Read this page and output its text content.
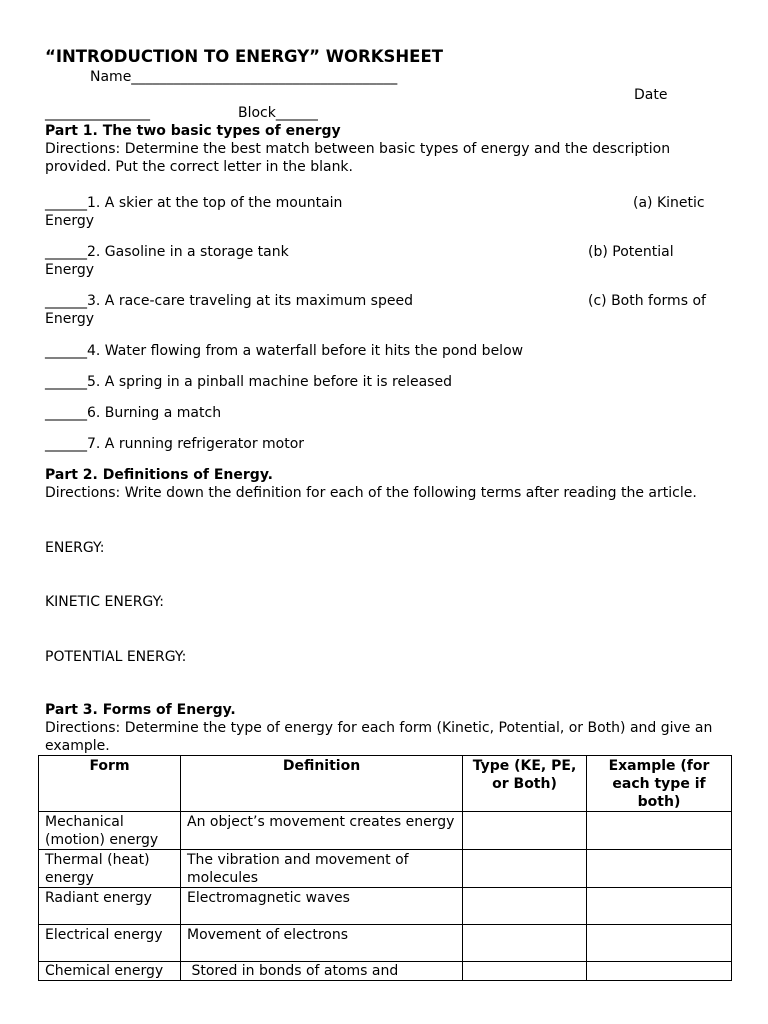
“INTRODUCTION TO ENERGY” WORKSHEET
Name______________________________________
Date
_______________	Block______
Part 1. The two basic types of energy
Directions: Determine the best match between basic types of energy and the description provided. Put the correct letter in the blank.
______1. A skier at the top of the mountain	(a) Kinetic
Energy
______2. Gasoline in a storage tank	(b) Potential
Energy
______3. A race-care traveling at its maximum speed	(c) Both forms of
Energy
______4. Water flowing from a waterfall before it hits the pond below
______5. A spring in a pinball machine before it is released
______6. Burning a match
______7. A running refrigerator motor
Part 2. Definitions of Energy.
Directions: Write down the definition for each of the following terms after reading the article.
ENERGY:
KINETIC ENERGY:
POTENTIAL ENERGY:
Part 3. Forms of Energy.
Directions: Determine the type of energy for each form (Kinetic, Potential, or Both) and give an example.
Form	Definition	Type (KE, PE, or Both)	Example (for each type if both)
Mechanical (motion) energy	An object’s movement creates energy		
Thermal (heat) energy	The vibration and movement of molecules		
Radiant energy	Electromagnetic waves		
Electrical energy	Movement of electrons		
Chemical energy	Stored in bonds of atoms and		
